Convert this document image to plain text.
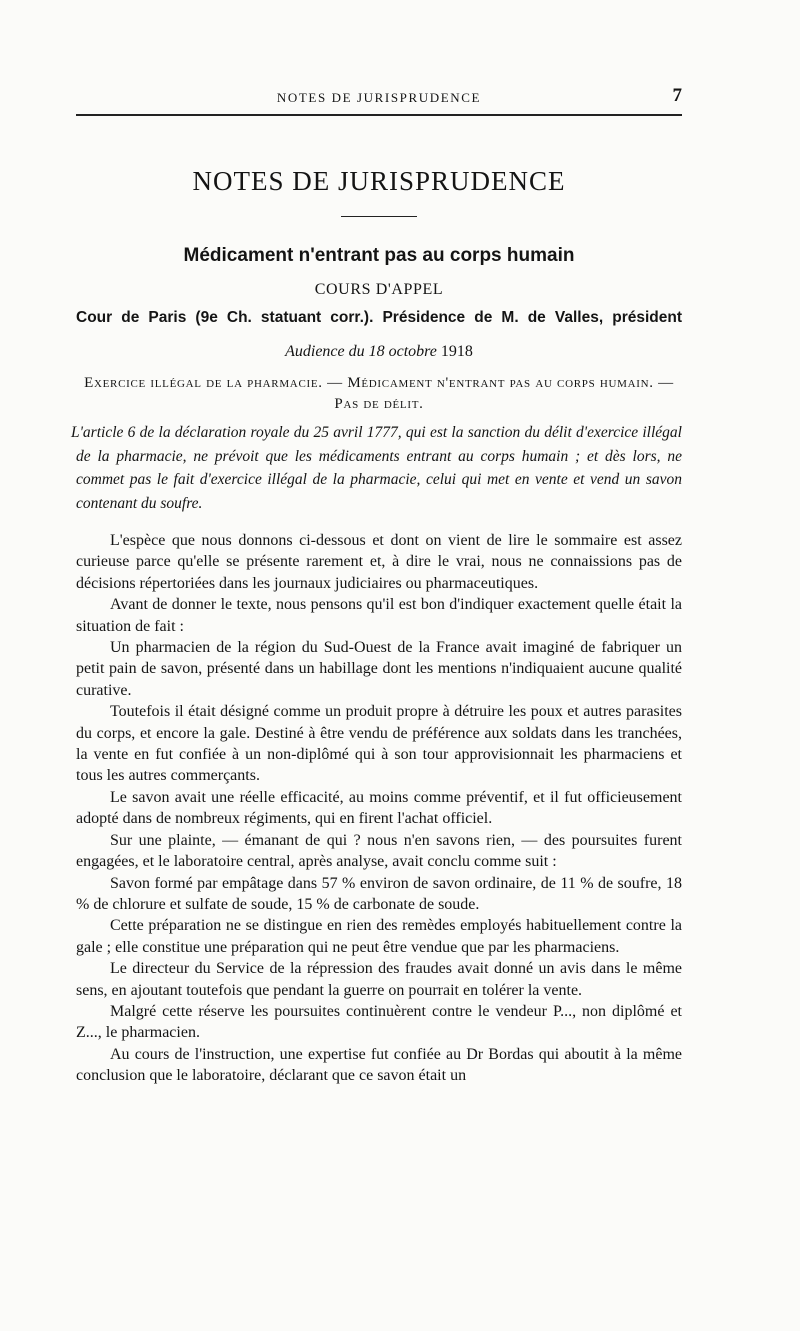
NOTES DE JURISPRUDENCE	7
NOTES DE JURISPRUDENCE
Médicament n'entrant pas au corps humain
COURS D'APPEL
Cour de Paris (9e Ch. statuant corr.). Présidence de M. de Valles, président
Audience du 18 octobre 1918
Exercice illégal de la pharmacie. — Médicament n'entrant pas au corps humain. — Pas de délit.
L'article 6 de la déclaration royale du 25 avril 1777, qui est la sanction du délit d'exercice illégal de la pharmacie, ne prévoit que les médicaments entrant au corps humain ; et dès lors, ne commet pas le fait d'exercice illégal de la pharmacie, celui qui met en vente et vend un savon contenant du soufre.

L'espèce que nous donnons ci-dessous et dont on vient de lire le sommaire est assez curieuse parce qu'elle se présente rarement et, à dire le vrai, nous ne connaissions pas de décisions répertoriées dans les journaux judiciaires ou pharmaceutiques.

Avant de donner le texte, nous pensons qu'il est bon d'indiquer exactement quelle était la situation de fait :

Un pharmacien de la région du Sud-Ouest de la France avait imaginé de fabriquer un petit pain de savon, présenté dans un habillage dont les mentions n'indiquaient aucune qualité curative.

Toutefois il était désigné comme un produit propre à détruire les poux et autres parasites du corps, et encore la gale. Destiné à être vendu de préférence aux soldats dans les tranchées, la vente en fut confiée à un non-diplômé qui à son tour approvisionnait les pharmaciens et tous les autres commerçants.

Le savon avait une réelle efficacité, au moins comme préventif, et il fut officieusement adopté dans de nombreux régiments, qui en firent l'achat officiel.

Sur une plainte, — émanant de qui ? nous n'en savons rien, — des poursuites furent engagées, et le laboratoire central, après analyse, avait conclu comme suit :

Savon formé par empâtage dans 57 % environ de savon ordinaire, de 11 % de soufre, 18 % de chlorure et sulfate de soude, 15 % de carbonate de soude.

Cette préparation ne se distingue en rien des remèdes employés habituellement contre la gale ; elle constitue une préparation qui ne peut être vendue que par les pharmaciens.

Le directeur du Service de la répression des fraudes avait donné un avis dans le même sens, en ajoutant toutefois que pendant la guerre on pourrait en tolérer la vente.

Malgré cette réserve les poursuites continuèrent contre le vendeur P..., non diplômé et Z..., le pharmacien.

Au cours de l'instruction, une expertise fut confiée au Dr Bordas qui aboutit à la même conclusion que le laboratoire, déclarant que ce savon était un
